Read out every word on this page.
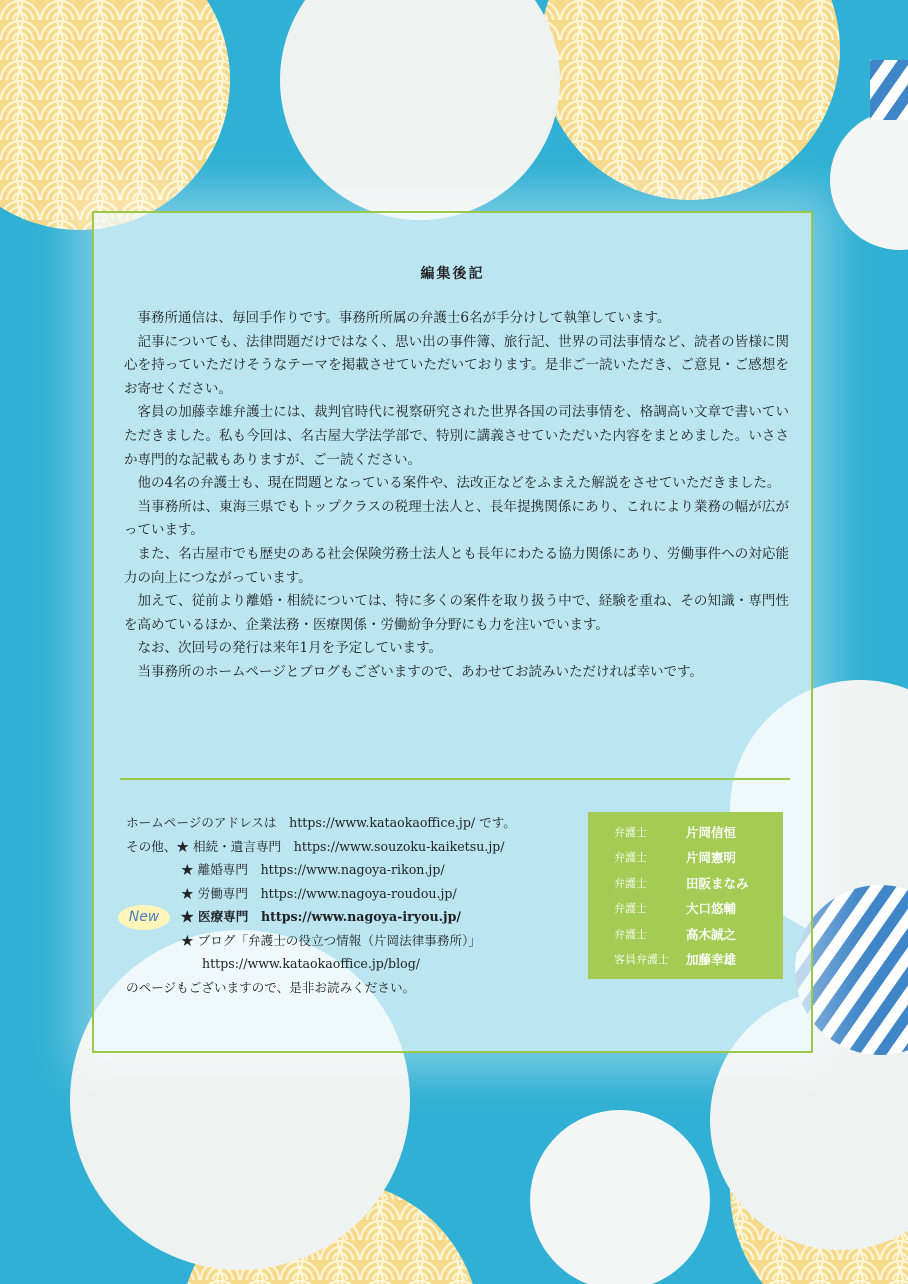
編集後記

事務所通信は、毎回手作りです。事務所所属の弁護士6名が手分けして執筆しています。

記事についても、法律問題だけではなく、思い出の事件簿、旅行記、世界の司法事情など、読者の皆様に関心を持っていただけそうなテーマを掲載させていただいております。是非ご一読いただき、ご意見・ご感想をお寄せください。

客員の加藤幸雄弁護士には、裁判官時代に視察研究された世界各国の司法事情を、格調高い文章で書いていただきました。私も今回は、名古屋大学法学部で、特別に講義させていただいた内容をまとめました。いささか専門的な記載もありますが、ご一読ください。

他の4名の弁護士も、現在問題となっている案件や、法改正などをふまえた解説をさせていただきました。

当事務所は、東海三県でもトップクラスの税理士法人と、長年提携関係にあり、これにより業務の幅が広がっています。

また、名古屋市でも歴史のある社会保険労務士法人とも長年にわたる協力関係にあり、労働事件への対応能力の向上につながっています。

加えて、従前より離婚・相続については、特に多くの案件を取り扱う中で、経験を重ね、その知識・専門性を高めているほか、企業法務・医療関係・労働紛争分野にも力を注いでいます。

なお、次回号の発行は来年1月を予定しています。

当事務所のホームページとブログもございますので、あわせてお読みいただければ幸いです。

ホームページのアドレスは　https://www.kataokaoffice.jp/ です。
その他、★ 相続・遺言専門　https://www.souzoku-kaiketsu.jp/
★ 離婚専門　https://www.nagoya-rikon.jp/
★ 労働専門　https://www.nagoya-roudou.jp/
★ 医療専門　https://www.nagoya-iryou.jp/
★ ブログ「弁護士の役立つ情報（片岡法律事務所）」
https://www.kataokaoffice.jp/blog/
のページもございますので、是非お読みください。
New
弁護士	片岡信恒
弁護士	片岡憲明
弁護士	田阪まなみ
弁護士	大口悠輔
弁護士	高木誠之
客員弁護士	加藤幸雄
